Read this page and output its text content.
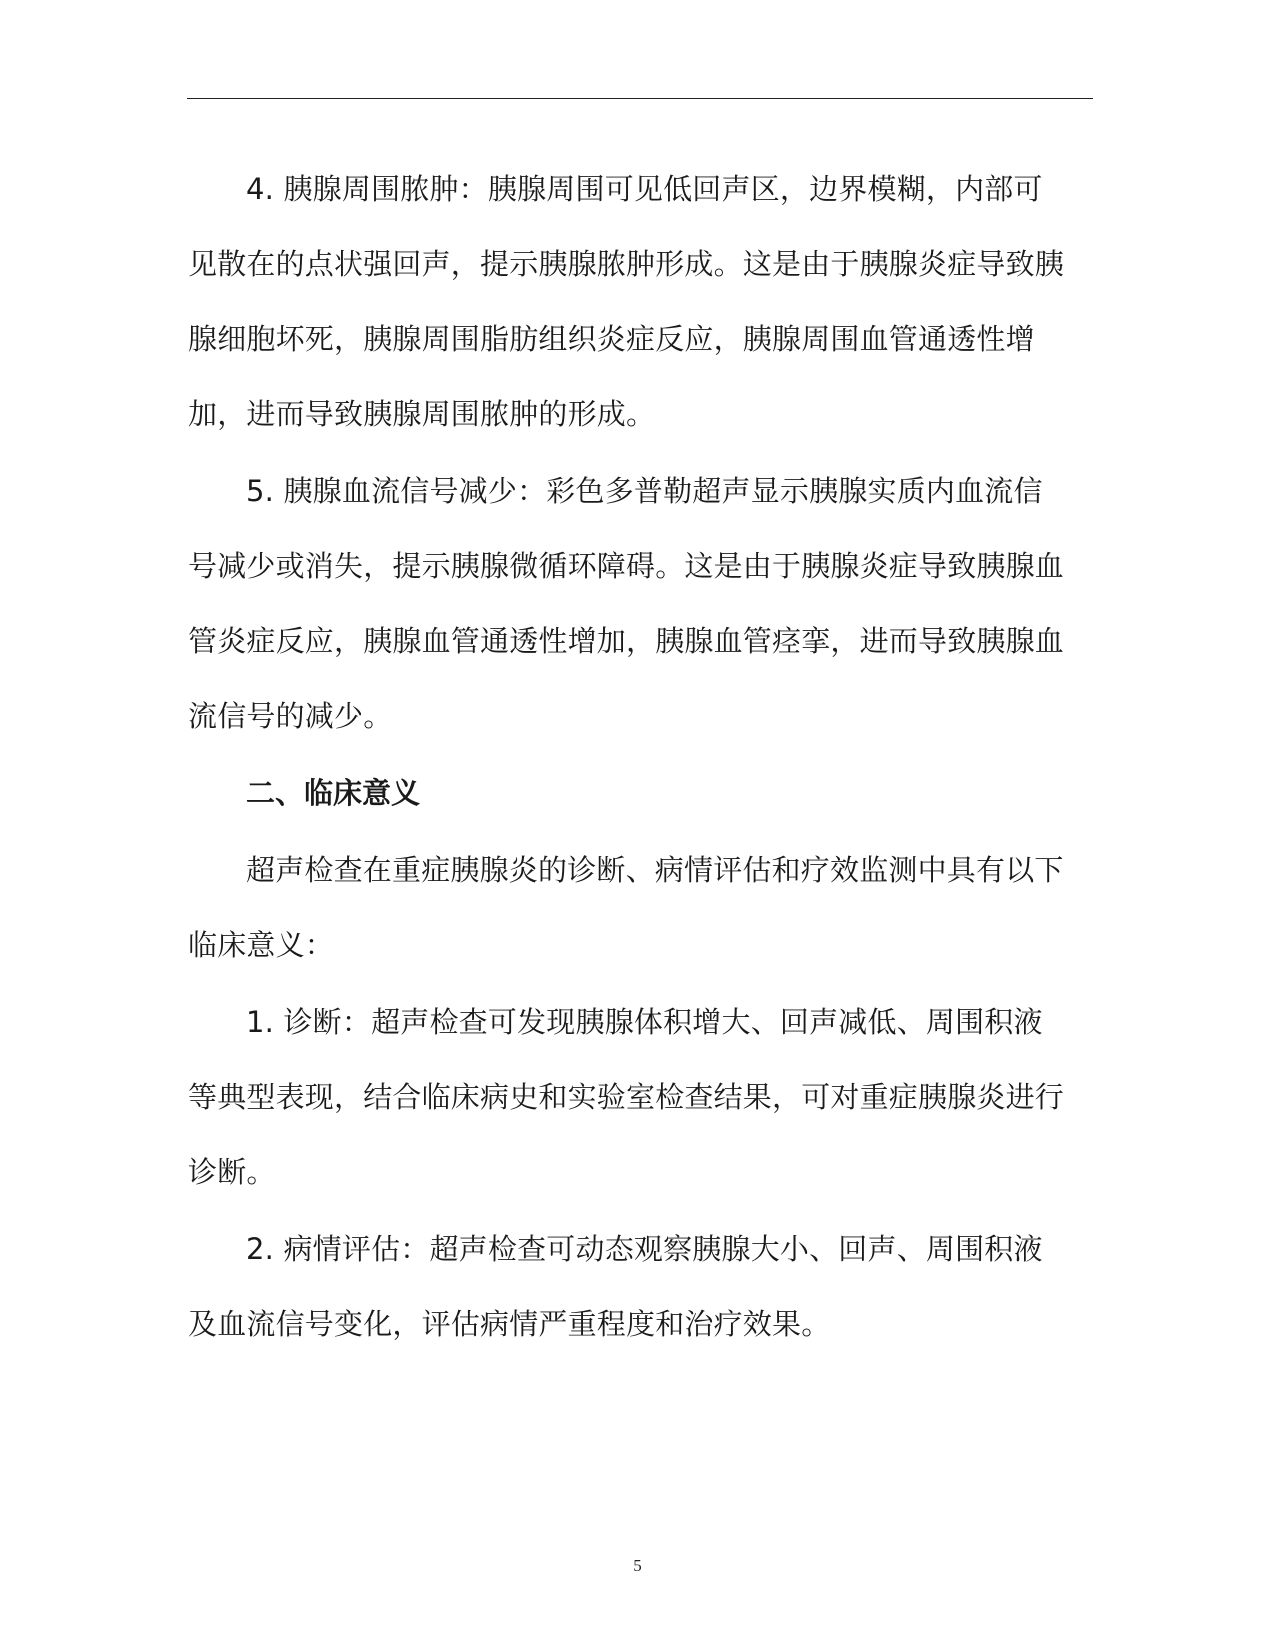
4. 胰腺周围脓肿：胰腺周围可见低回声区，边界模糊，内部可见散在的点状强回声，提示胰腺脓肿形成。这是由于胰腺炎症导致胰腺细胞坏死，胰腺周围脂肪组织炎症反应，胰腺周围血管通透性增加，进而导致胰腺周围脓肿的形成。

5. 胰腺血流信号减少：彩色多普勒超声显示胰腺实质内血流信号减少或消失，提示胰腺微循环障碍。这是由于胰腺炎症导致胰腺血管炎症反应，胰腺血管通透性增加，胰腺血管痉挛，进而导致胰腺血流信号的减少。

二、临床意义

超声检查在重症胰腺炎的诊断、病情评估和疗效监测中具有以下临床意义：

1. 诊断：超声检查可发现胰腺体积增大、回声减低、周围积液等典型表现，结合临床病史和实验室检查结果，可对重症胰腺炎进行诊断。

2. 病情评估：超声检查可动态观察胰腺大小、回声、周围积液及血流信号变化，评估病情严重程度和治疗效果。

5
